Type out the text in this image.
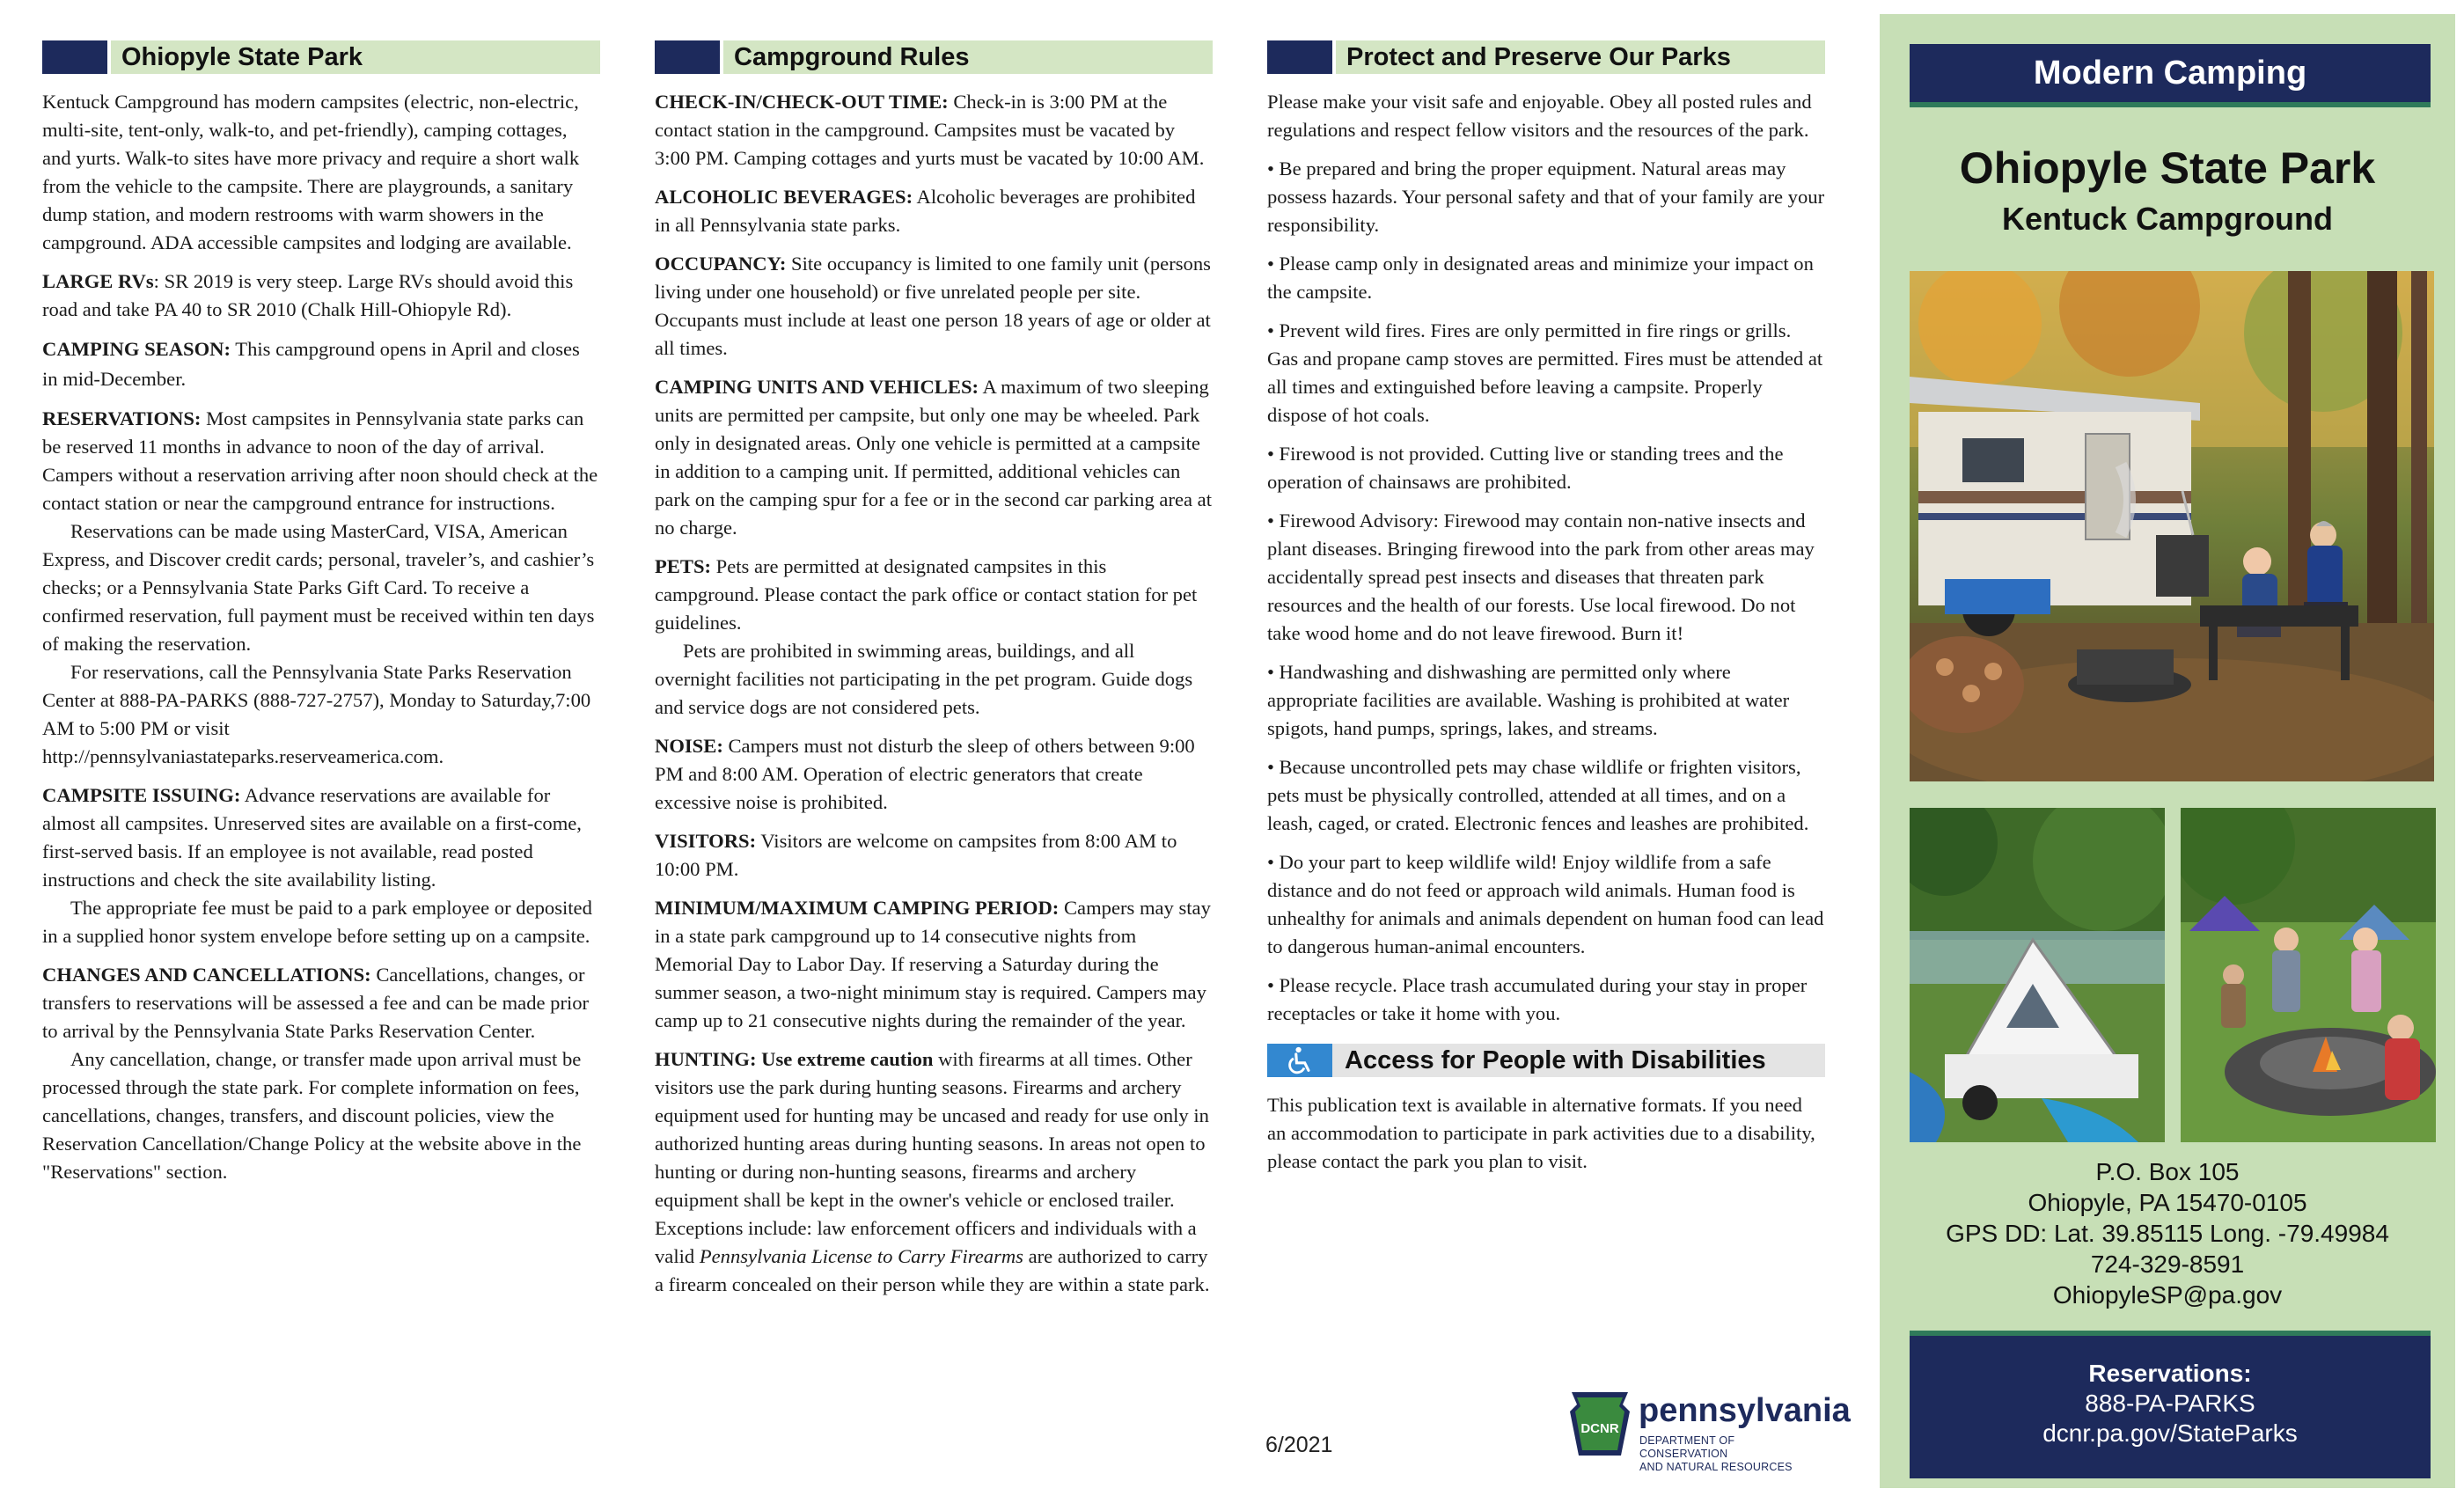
Ohiopyle State Park

Kentuck Campground has modern campsites (electric, non-electric, multi-site, tent-only, walk-to, and pet-friendly), camping cottages, and yurts. Walk-to sites have more privacy and require a short walk from the vehicle to the campsite. There are playgrounds, a sanitary dump station, and modern restrooms with warm showers in the campground. ADA accessible campsites and lodging are available.

LARGE RVs: SR 2019 is very steep. Large RVs should avoid this road and take PA 40 to SR 2010 (Chalk Hill-Ohiopyle Rd).

CAMPING SEASON: This campground opens in April and closes in mid-December.

RESERVATIONS: Most campsites in Pennsylvania state parks can be reserved 11 months in advance to noon of the day of arrival. Campers without a reservation arriving after noon should check at the contact station or near the campground entrance for instructions.

Reservations can be made using MasterCard, VISA, American Express, and Discover credit cards; personal, traveler’s, and cashier’s checks; or a Pennsylvania State Parks Gift Card. To receive a confirmed reservation, full payment must be received within ten days of making the reservation.

For reservations, call the Pennsylvania State Parks Reservation Center at 888-PA-PARKS (888-727-2757), Monday to Saturday,7:00 AM to 5:00 PM or visit http://pennsylvaniastateparks.reserveamerica.com.

CAMPSITE ISSUING: Advance reservations are available for almost all campsites. Unreserved sites are available on a first-come, first-served basis. If an employee is not available, read posted instructions and check the site availability listing.

The appropriate fee must be paid to a park employee or deposited in a supplied honor system envelope before setting up on a campsite.

CHANGES AND CANCELLATIONS: Cancellations, changes, or transfers to reservations will be assessed a fee and can be made prior to arrival by the Pennsylvania State Parks Reservation Center.

Any cancellation, change, or transfer made upon arrival must be processed through the state park. For complete information on fees, cancellations, changes, transfers, and discount policies, view the Reservation Cancellation/Change Policy at the website above in the "Reservations" section.

Campground Rules

CHECK-IN/CHECK-OUT TIME: Check-in is 3:00 PM at the contact station in the campground. Campsites must be vacated by 3:00 PM. Camping cottages and yurts must be vacated by 10:00 AM.

ALCOHOLIC BEVERAGES: Alcoholic beverages are prohibited in all Pennsylvania state parks.

OCCUPANCY: Site occupancy is limited to one family unit (persons living under one household) or five unrelated people per site. Occupants must include at least one person 18 years of age or older at all times.

CAMPING UNITS AND VEHICLES: A maximum of two sleeping units are permitted per campsite, but only one may be wheeled. Park only in designated areas. Only one vehicle is permitted at a campsite in addition to a camping unit. If permitted, additional vehicles can park on the camping spur for a fee or in the second car parking area at no charge.

PETS: Pets are permitted at designated campsites in this campground. Please contact the park office or contact station for pet guidelines.

Pets are prohibited in swimming areas, buildings, and all overnight facilities not participating in the pet program. Guide dogs and service dogs are not considered pets.

NOISE: Campers must not disturb the sleep of others between 9:00 PM and 8:00 AM. Operation of electric generators that create excessive noise is prohibited.

VISITORS: Visitors are welcome on campsites from 8:00 AM to 10:00 PM.

MINIMUM/MAXIMUM CAMPING PERIOD: Campers may stay in a state park campground up to 14 consecutive nights from Memorial Day to Labor Day. If reserving a Saturday during the summer season, a two-night minimum stay is required. Campers may camp up to 21 consecutive nights during the remainder of the year.

HUNTING: Use extreme caution with firearms at all times. Other visitors use the park during hunting seasons. Firearms and archery equipment used for hunting may be uncased and ready for use only in authorized hunting areas during hunting seasons. In areas not open to hunting or during non-hunting seasons, firearms and archery equipment shall be kept in the owner's vehicle or enclosed trailer. Exceptions include: law enforcement officers and individuals with a valid Pennsylvania License to Carry Firearms are authorized to carry a firearm concealed on their person while they are within a state park.

Protect and Preserve Our Parks

Please make your visit safe and enjoyable. Obey all posted rules and regulations and respect fellow visitors and the resources of the park.

• Be prepared and bring the proper equipment. Natural areas may possess hazards. Your personal safety and that of your family are your responsibility.

• Please camp only in designated areas and minimize your impact on the campsite.

• Prevent wild fires. Fires are only permitted in fire rings or grills. Gas and propane camp stoves are permitted. Fires must be attended at all times and extinguished before leaving a campsite. Properly dispose of hot coals.

• Firewood is not provided. Cutting live or standing trees and the operation of chainsaws are prohibited.

• Firewood Advisory: Firewood may contain non-native insects and plant diseases. Bringing firewood into the park from other areas may accidentally spread pest insects and diseases that threaten park resources and the health of our forests. Use local firewood. Do not take wood home and do not leave firewood. Burn it!

• Handwashing and dishwashing are permitted only where appropriate facilities are available. Washing is prohibited at water spigots, hand pumps, springs, lakes, and streams.

• Because uncontrolled pets may chase wildlife or frighten visitors, pets must be physically controlled, attended at all times, and on a leash, caged, or crated. Electronic fences and leashes are prohibited.

• Do your part to keep wildlife wild! Enjoy wildlife from a safe distance and do not feed or approach wild animals. Human food is unhealthy for animals and animals dependent on human food can lead to dangerous human-animal encounters.

• Please recycle. Place trash accumulated during your stay in proper receptacles or take it home with you.

Access for People with Disabilities

This publication text is available in alternative formats. If you need an accommodation to participate in park activities due to a disability, please contact the park you plan to visit.

6/2021
DCNR pennsylvania
DEPARTMENT OF CONSERVATION
AND NATURAL RESOURCES
Modern Camping
Ohiopyle State Park
Kentuck Campground
P.O. Box 105
Ohiopyle, PA 15470-0105
GPS DD: Lat. 39.85115 Long. -79.49984
724-329-8591
OhiopyleSP@pa.gov
Reservations:
888-PA-PARKS
dcnr.pa.gov/StateParks
